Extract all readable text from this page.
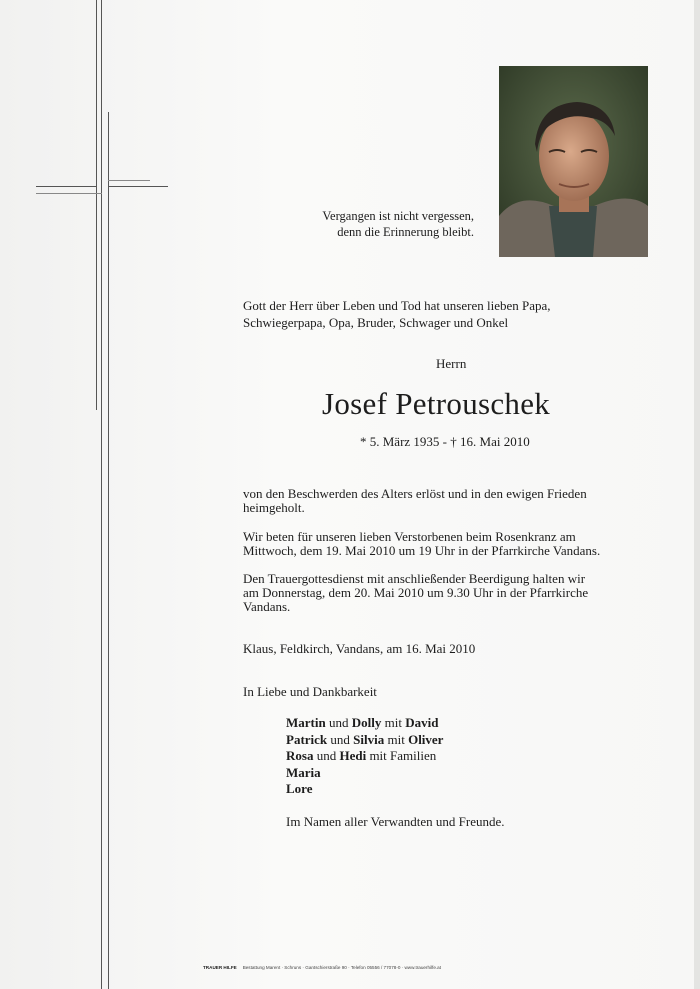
Vergangen ist nicht vergessen,
denn die Erinnerung bleibt.
Gott der Herr über Leben und Tod hat unseren lieben Papa,
Schwiegerpapa, Opa, Bruder, Schwager und Onkel
Herrn
Josef Petrouschek
* 5. März 1935 - † 16. Mai 2010
von den Beschwerden des Alters erlöst und in den ewigen Frieden
heimgeholt.
Wir beten für unseren lieben Verstorbenen beim Rosenkranz am
Mittwoch, dem 19. Mai 2010 um 19 Uhr in der Pfarrkirche Vandans.
Den Trauergottesdienst mit anschließender Beerdigung halten wir
am Donnerstag, dem 20. Mai 2010 um 9.30 Uhr in der Pfarrkirche
Vandans.
Klaus, Feldkirch, Vandans, am 16. Mai 2010
In Liebe und Dankbarkeit
Martin und Dolly mit David
Patrick und Silvia mit Oliver
Rosa und Hedi mit Familien
Maria
Lore
Im Namen aller Verwandten und Freunde.
TRAUER HILFE Bestattung Marent · Schruns · Gantschierstraße 90 · Telefon 05556 / 77078-0 · www.trauerhilfe.at
